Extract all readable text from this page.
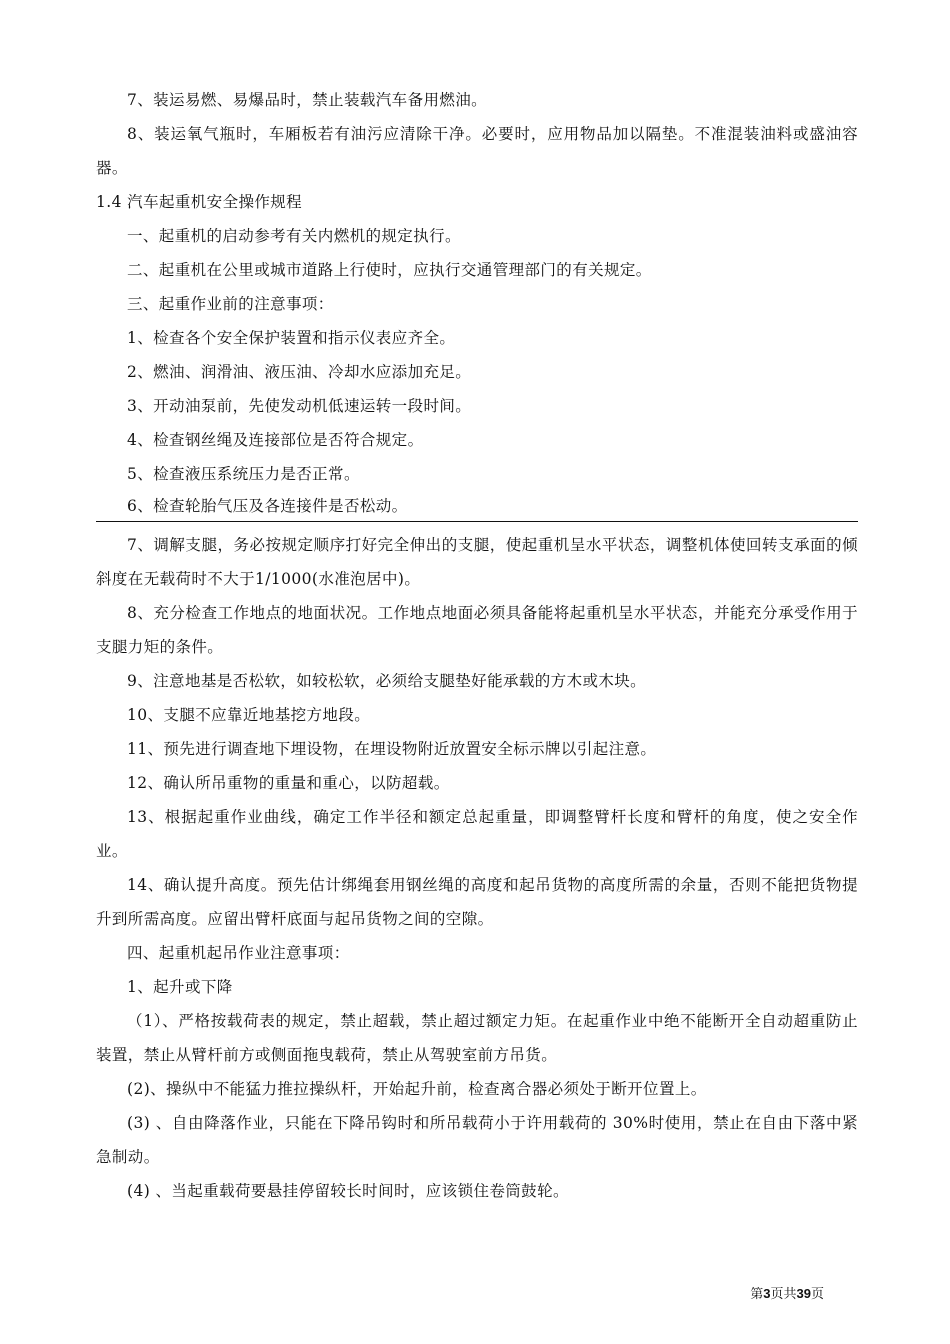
7、装运易燃、易爆品时，禁止装载汽车备用燃油。

8、装运氧气瓶时，车厢板若有油污应清除干净。必要时，应用物品加以隔垫。不准混装油料或盛油容器。

1.4 汽车起重机安全操作规程

一、起重机的启动参考有关内燃机的规定执行。

二、起重机在公里或城市道路上行使时，应执行交通管理部门的有关规定。

三、起重作业前的注意事项：

1、检查各个安全保护装置和指示仪表应齐全。

2、燃油、润滑油、液压油、冷却水应添加充足。

3、开动油泵前，先使发动机低速运转一段时间。

4、检查钢丝绳及连接部位是否符合规定。

5、检查液压系统压力是否正常。

6、检查轮胎气压及各连接件是否松动。

7、调解支腿，务必按规定顺序打好完全伸出的支腿，使起重机呈水平状态，调整机体使回转支承面的倾斜度在无载荷时不大于1/1000(水准泡居中)。

8、充分检查工作地点的地面状况。工作地点地面必须具备能将起重机呈水平状态，并能充分承受作用于支腿力矩的条件。

9、注意地基是否松软，如较松软，必须给支腿垫好能承载的方木或木块。

10、支腿不应靠近地基挖方地段。

11、预先进行调查地下埋设物，在埋设物附近放置安全标示牌以引起注意。

12、确认所吊重物的重量和重心，以防超载。

13、根据起重作业曲线，确定工作半径和额定总起重量，即调整臂杆长度和臂杆的角度，使之安全作业。

14、确认提升高度。预先估计绑绳套用钢丝绳的高度和起吊货物的高度所需的余量，否则不能把货物提升到所需高度。应留出臂杆底面与起吊货物之间的空隙。

四、起重机起吊作业注意事项：

1、起升或下降

（1）、严格按载荷表的规定，禁止超载，禁止超过额定力矩。在起重作业中绝不能断开全自动超重防止装置，禁止从臂杆前方或侧面拖曳载荷，禁止从驾驶室前方吊货。

(2)、操纵中不能猛力推拉操纵杆，开始起升前，检查离合器必须处于断开位置上。

(3) 、自由降落作业，只能在下降吊钩时和所吊载荷小于许用载荷的 30%时使用，禁止在自由下落中紧急制动。

(4) 、当起重载荷要悬挂停留较长时间时，应该锁住卷筒鼓轮。

第3页共39页
